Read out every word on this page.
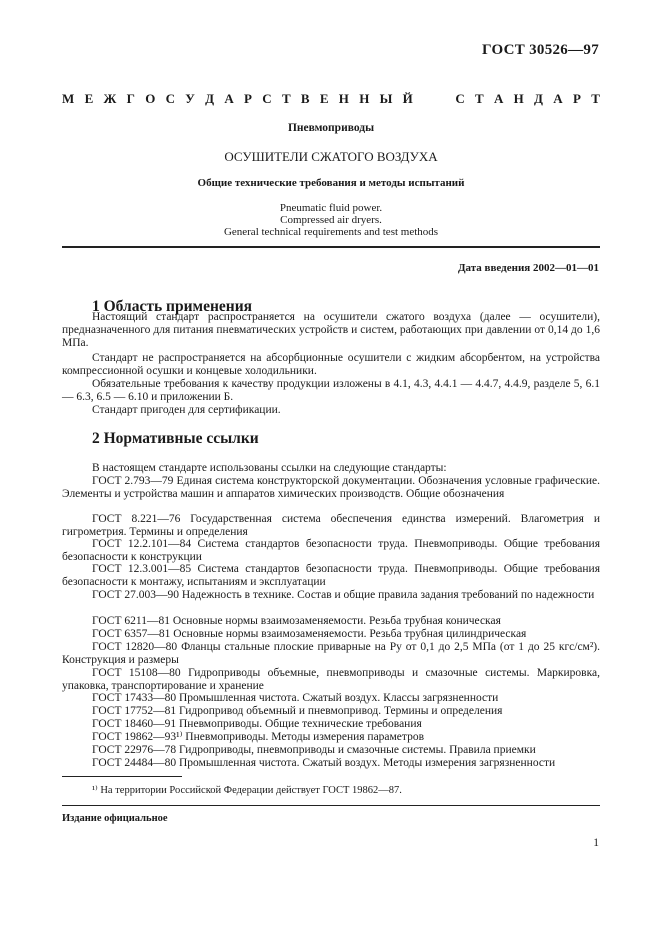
ГОСТ 30526—97
М Е Ж Г О С У Д А Р С Т В Е Н Н Ы Й	С Т А Н Д А Р Т
Пневмоприводы
ОСУШИТЕЛИ СЖАТОГО ВОЗДУХА
Общие технические требования и методы испытаний
Pneumatic fluid power.
Compressed air dryers.
General technical requirements and test methods
Дата введения 2002—01—01
1 Область применения
Настоящий стандарт распространяется на осушители сжатого воздуха (далее — осушители), предназначенного для питания пневматических устройств и систем, работающих при давлении от 0,14 до 1,6 МПа.
Стандарт не распространяется на абсорбционные осушители с жидким абсорбентом, на устройства компрессионной осушки и концевые холодильники.
Обязательные требования к качеству продукции изложены в 4.1, 4.3, 4.4.1 — 4.4.7, 4.4.9, разделе 5, 6.1 — 6.3, 6.5 — 6.10 и приложении Б.
Стандарт пригоден для сертификации.
2 Нормативные ссылки
В настоящем стандарте использованы ссылки на следующие стандарты:
ГОСТ 2.793—79 Единая система конструкторской документации. Обозначения условные графические. Элементы и устройства машин и аппаратов химических производств. Общие обозначения
ГОСТ 8.221—76 Государственная система обеспечения единства измерений. Влагометрия и гигрометрия. Термины и определения
ГОСТ 12.2.101—84 Система стандартов безопасности труда. Пневмоприводы. Общие требования безопасности к конструкции
ГОСТ 12.3.001—85 Система стандартов безопасности труда. Пневмоприводы. Общие требования безопасности к монтажу, испытаниям и эксплуатации
ГОСТ 27.003—90 Надежность в технике. Состав и общие правила задания требований по надежности
ГОСТ 6211—81 Основные нормы взаимозаменяемости. Резьба трубная коническая
ГОСТ 6357—81 Основные нормы взаимозаменяемости. Резьба трубная цилиндрическая
ГОСТ 12820—80 Фланцы стальные плоские приварные на Pу от 0,1 до 2,5 МПа (от 1 до 25 кгс/см²). Конструкция и размеры
ГОСТ 15108—80 Гидроприводы объемные, пневмоприводы и смазочные системы. Маркировка, упаковка, транспортирование и хранение
ГОСТ 17433—80 Промышленная чистота. Сжатый воздух. Классы загрязненности
ГОСТ 17752—81 Гидропривод объемный и пневмопривод. Термины и определения
ГОСТ 18460—91 Пневмоприводы. Общие технические требования
ГОСТ 19862—93¹⁾ Пневмоприводы. Методы измерения параметров
ГОСТ 22976—78 Гидроприводы, пневмоприводы и смазочные системы. Правила приемки
ГОСТ 24484—80 Промышленная чистота. Сжатый воздух. Методы измерения загрязненности
¹⁾ На территории Российской Федерации действует ГОСТ 19862—87.
Издание официальное
1
